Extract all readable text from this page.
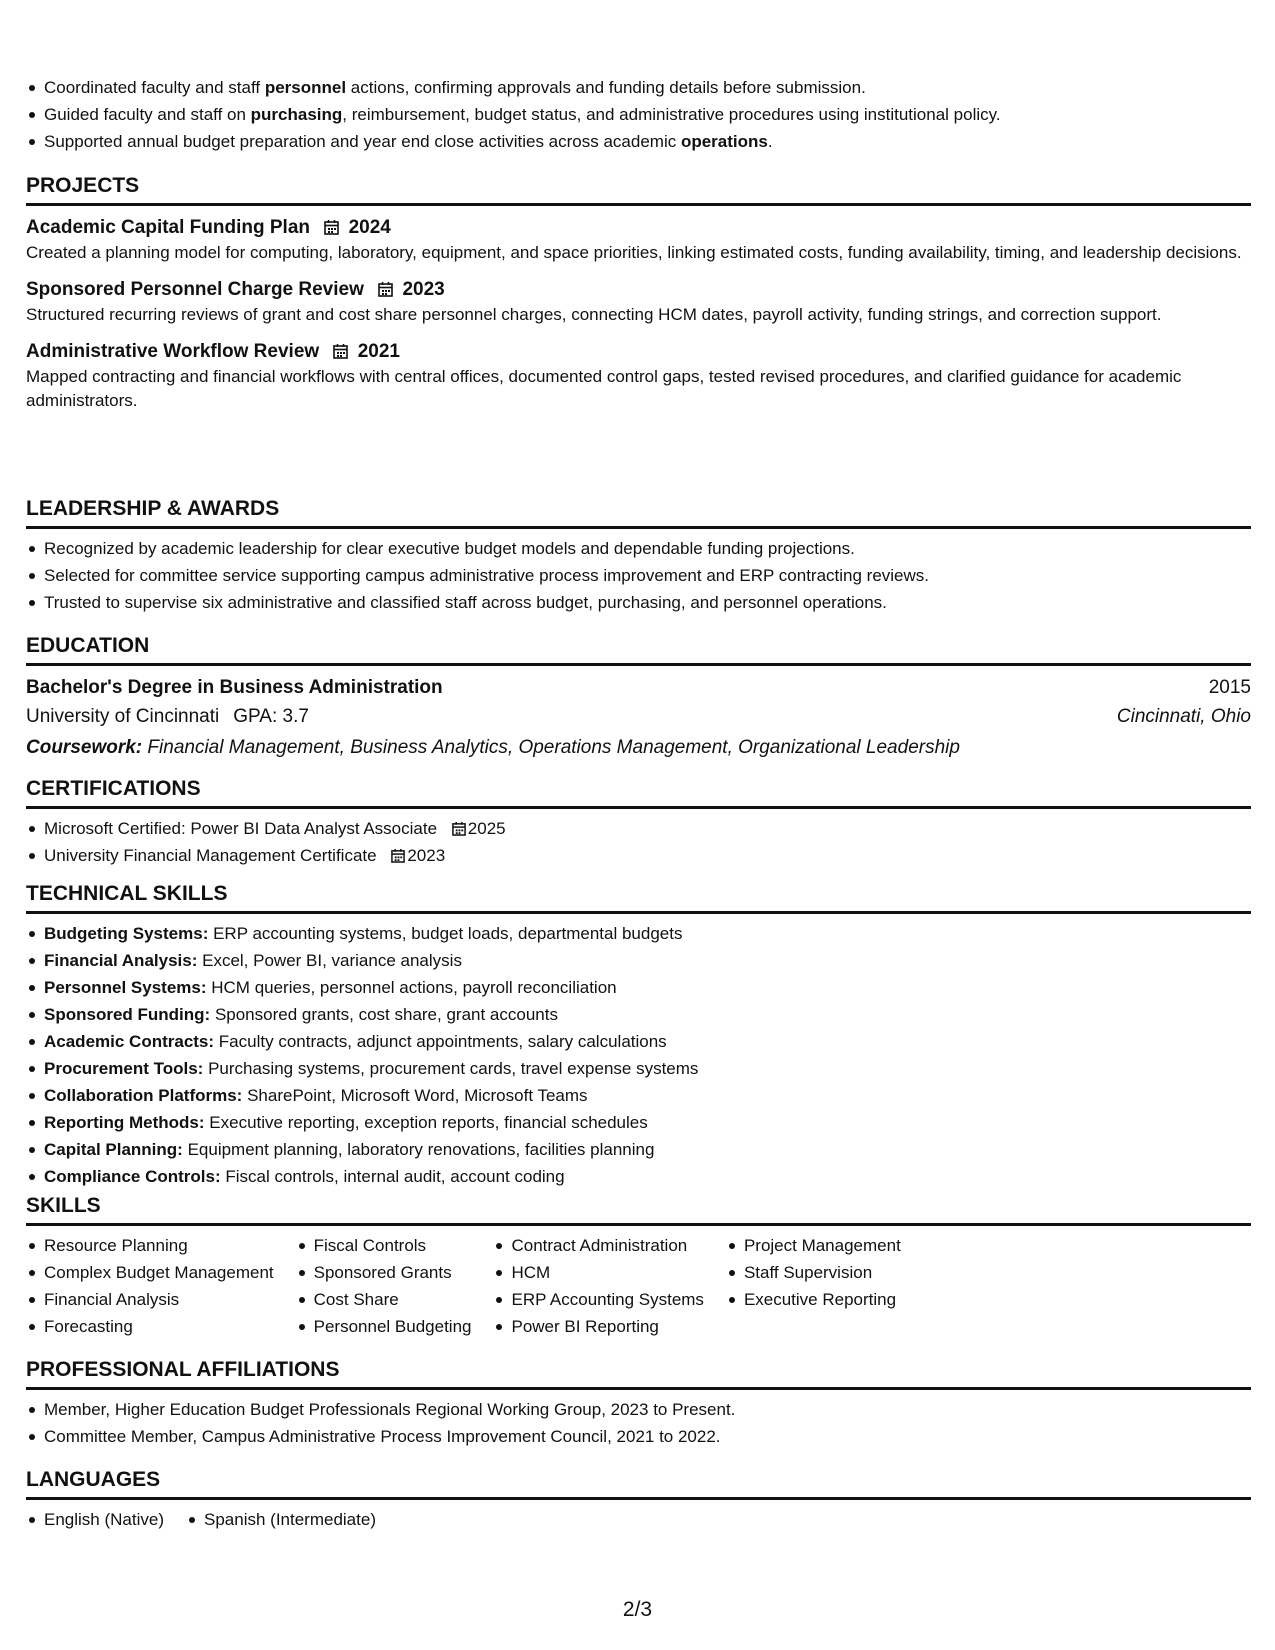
Coordinated faculty and staff personnel actions, confirming approvals and funding details before submission.
Guided faculty and staff on purchasing, reimbursement, budget status, and administrative procedures using institutional policy.
Supported annual budget preparation and year end close activities across academic operations.
PROJECTS
Academic Capital Funding Plan 2024
Created a planning model for computing, laboratory, equipment, and space priorities, linking estimated costs, funding availability, timing, and leadership decisions.
Sponsored Personnel Charge Review 2023
Structured recurring reviews of grant and cost share personnel charges, connecting HCM dates, payroll activity, funding strings, and correction support.
Administrative Workflow Review 2021
Mapped contracting and financial workflows with central offices, documented control gaps, tested revised procedures, and clarified guidance for academic administrators.
LEADERSHIP & AWARDS
Recognized by academic leadership for clear executive budget models and dependable funding projections.
Selected for committee service supporting campus administrative process improvement and ERP contracting reviews.
Trusted to supervise six administrative and classified staff across budget, purchasing, and personnel operations.
EDUCATION
Bachelor's Degree in Business Administration	2015
University of Cincinnati GPA: 3.7	Cincinnati, Ohio
Coursework: Financial Management, Business Analytics, Operations Management, Organizational Leadership
CERTIFICATIONS
Microsoft Certified: Power BI Data Analyst Associate 2025
University Financial Management Certificate 2023
TECHNICAL SKILLS
Budgeting Systems: ERP accounting systems, budget loads, departmental budgets
Financial Analysis: Excel, Power BI, variance analysis
Personnel Systems: HCM queries, personnel actions, payroll reconciliation
Sponsored Funding: Sponsored grants, cost share, grant accounts
Academic Contracts: Faculty contracts, adjunct appointments, salary calculations
Procurement Tools: Purchasing systems, procurement cards, travel expense systems
Collaboration Platforms: SharePoint, Microsoft Word, Microsoft Teams
Reporting Methods: Executive reporting, exception reports, financial schedules
Capital Planning: Equipment planning, laboratory renovations, facilities planning
Compliance Controls: Fiscal controls, internal audit, account coding
SKILLS
Resource Planning
Complex Budget Management
Financial Analysis
Forecasting
Fiscal Controls
Sponsored Grants
Cost Share
Personnel Budgeting
Contract Administration
HCM
ERP Accounting Systems
Power BI Reporting
Project Management
Staff Supervision
Executive Reporting
PROFESSIONAL AFFILIATIONS
Member, Higher Education Budget Professionals Regional Working Group, 2023 to Present.
Committee Member, Campus Administrative Process Improvement Council, 2021 to 2022.
LANGUAGES
English (Native)	Spanish (Intermediate)
2/3
